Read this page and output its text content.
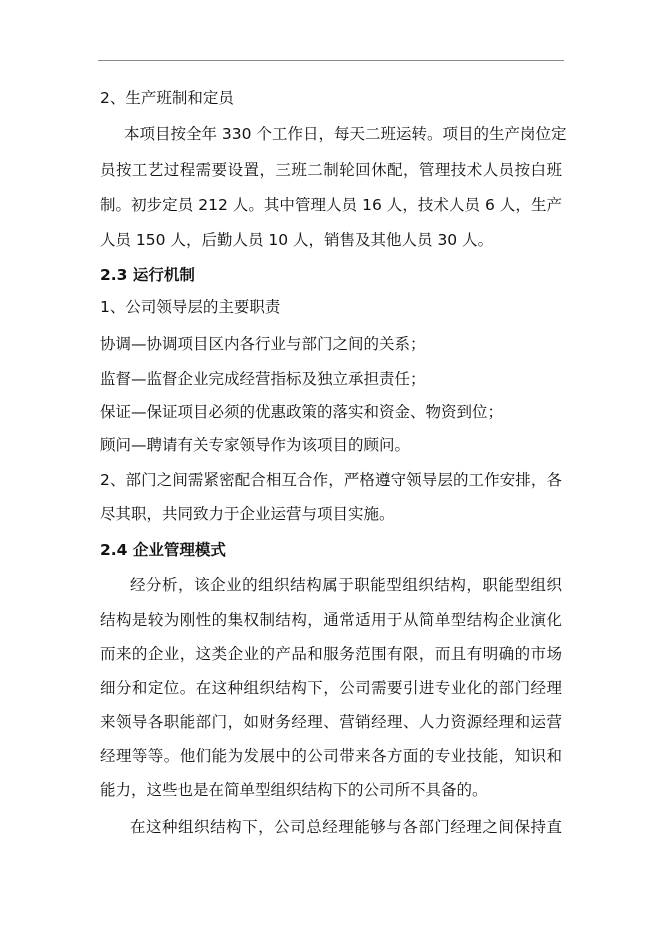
2、生产班制和定员
本项目按全年 330 个工作日，每天二班运转。项目的生产岗位定
员按工艺过程需要设置，三班二制轮回休配，管理技术人员按白班
制。初步定员 212 人。其中管理人员 16 人，技术人员 6 人，生产
人员 150 人，后勤人员 10 人，销售及其他人员 30 人。
2.3 运行机制
1、公司领导层的主要职责
协调—协调项目区内各行业与部门之间的关系；
监督—监督企业完成经营指标及独立承担责任；
保证—保证项目必须的优惠政策的落实和资金、物资到位；
顾问—聘请有关专家领导作为该项目的顾问。
2、部门之间需紧密配合相互合作，严格遵守领导层的工作安排，各
尽其职，共同致力于企业运营与项目实施。
2.4 企业管理模式
经分析，该企业的组织结构属于职能型组织结构，职能型组织
结构是较为刚性的集权制结构，通常适用于从简单型结构企业演化
而来的企业，这类企业的产品和服务范围有限，而且有明确的市场
细分和定位。在这种组织结构下，公司需要引进专业化的部门经理
来领导各职能部门，如财务经理、营销经理、人力资源经理和运营
经理等等。他们能为发展中的公司带来各方面的专业技能，知识和
能力，这些也是在简单型组织结构下的公司所不具备的。
在这种组织结构下，公司总经理能够与各部门经理之间保持直
